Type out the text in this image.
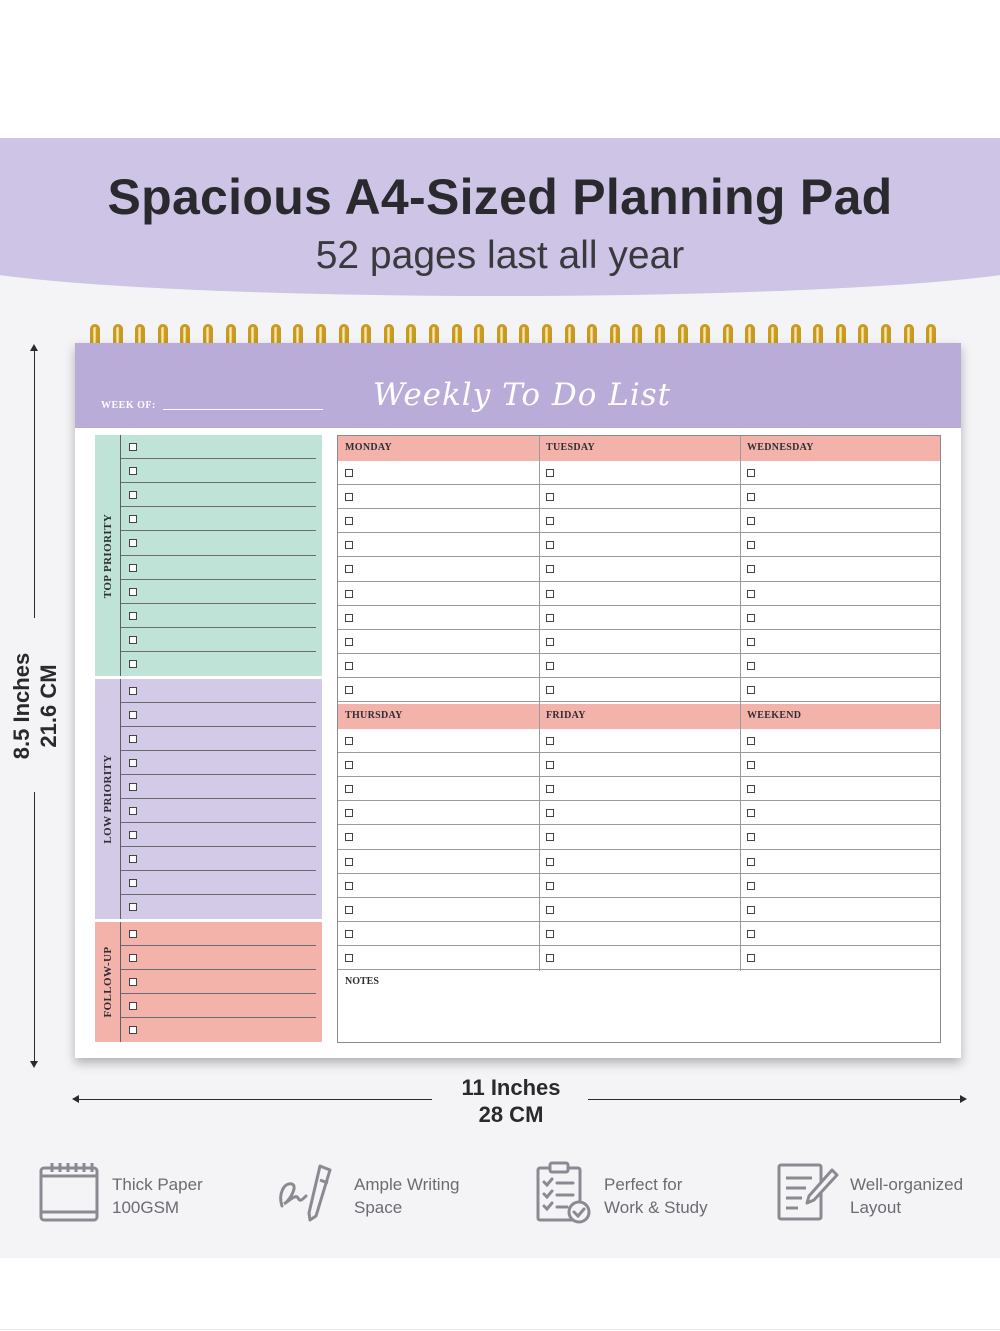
Spacious A4-Sized Planning Pad
52 pages last all year
WEEK OF:	Weekly To Do List
TOP PRIORITY
LOW PRIORITY
FOLLOW-UP
MONDAY	TUESDAY	WEDNESDAY
THURSDAY	FRIDAY	WEEKEND
NOTES
8.5 Inches 21.6 CM
11 Inches
28 CM
Thick Paper
100GSM
Ample Writing
Space
Perfect for
Work & Study
Well-organized
Layout
